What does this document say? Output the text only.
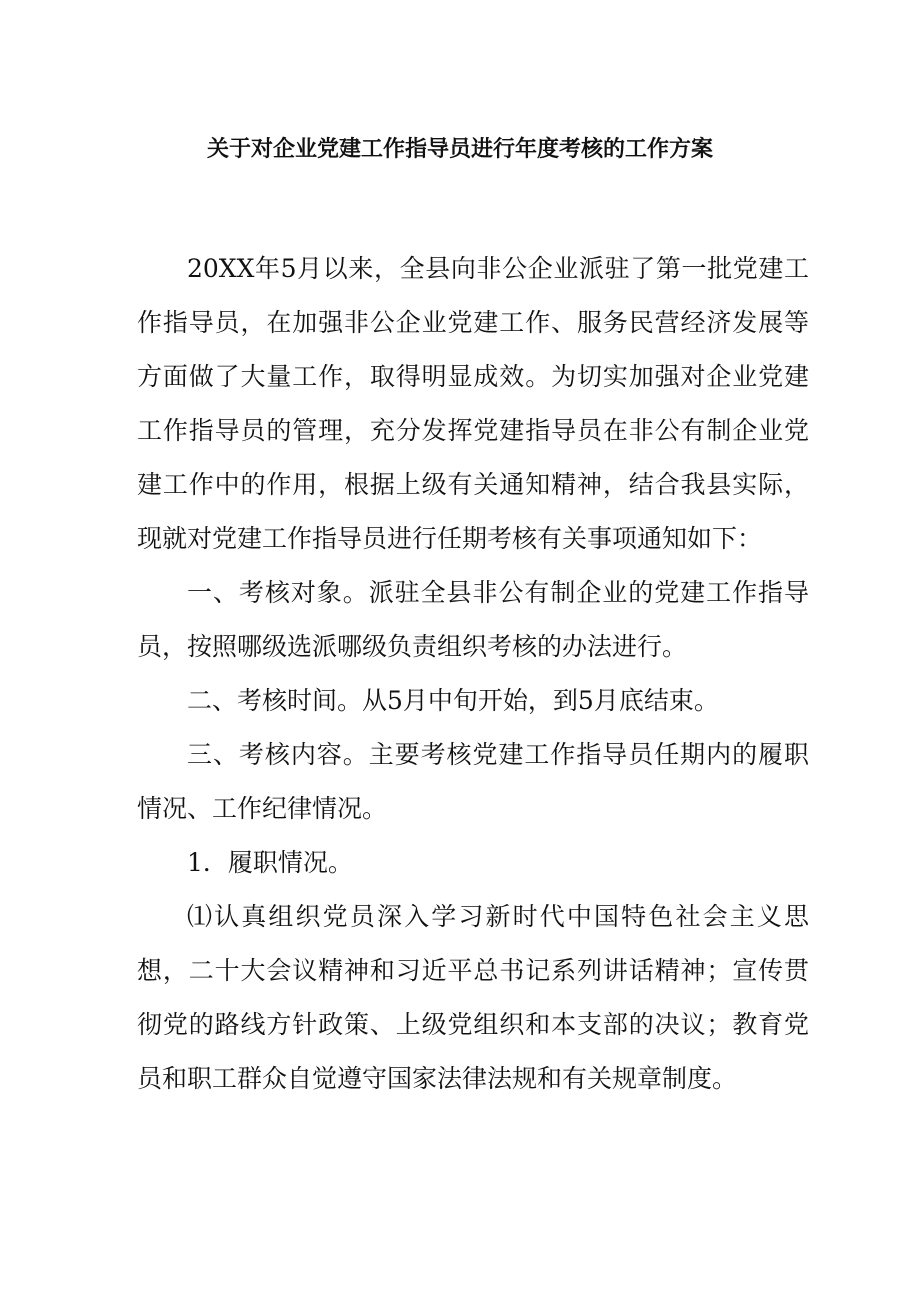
关于对企业党建工作指导员进行年度考核的工作方案

20XX年5月以来，全县向非公企业派驻了第一批党建工作指导员，在加强非公企业党建工作、服务民营经济发展等方面做了大量工作，取得明显成效。为切实加强对企业党建工作指导员的管理，充分发挥党建指导员在非公有制企业党建工作中的作用，根据上级有关通知精神，结合我县实际，现就对党建工作指导员进行任期考核有关事项通知如下：

一、考核对象。派驻全县非公有制企业的党建工作指导员，按照哪级选派哪级负责组织考核的办法进行。

二、考核时间。从5月中旬开始，到5月底结束。

三、考核内容。主要考核党建工作指导员任期内的履职情况、工作纪律情况。

1．履职情况。

⑴认真组织党员深入学习新时代中国特色社会主义思想，二十大会议精神和习近平总书记系列讲话精神；宣传贯彻党的路线方针政策、上级党组织和本支部的决议；教育党员和职工群众自觉遵守国家法律法规和有关规章制度。
